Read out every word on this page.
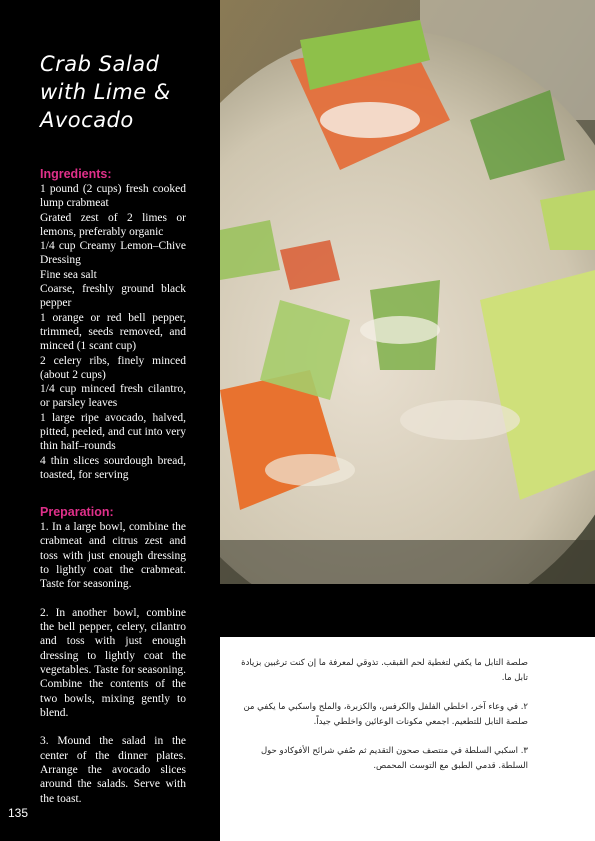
Crab Salad
with Lime &
Avocado
Ingredients:
1 pound (2 cups) fresh cooked lump crabmeat
Grated zest of 2 limes or lemons, preferably organic
1/4 cup Creamy Lemon–Chive Dressing
Fine sea salt
Coarse, freshly ground black pepper
1 orange or red bell pepper, trimmed, seeds removed, and minced (1 scant cup)
2 celery ribs, finely minced (about 2 cups)
1/4 cup minced fresh cilantro, or parsley leaves
1 large ripe avocado, halved, pitted, peeled, and cut into very thin half–rounds
4 thin slices sourdough bread, toasted, for serving
Preparation:
1. In a large bowl, combine the crabmeat and citrus zest and toss with just enough dressing to lightly coat the crabmeat. Taste for seasoning.
2. In another bowl, combine the bell pepper, celery, cilantro and toss with just enough dressing to lightly coat the vegetables. Taste for seasoning. Combine the contents of the two bowls, mixing gently to blend.
3. Mound the salad in the center of the dinner plates. Arrange the avocado slices around the salads. Serve with the toast.
135
صلصة التابل ما يكفي لتغطية لحم القبقب. تذوقي لمعرفة ما إن كنت ترغبين بزيادة تابل ما.
٢. في وعاء آخر، اخلطي الفلفل والكرفس، والكزبرة، والملح واسكبي ما يكفي من صلصة التابل للتطعيم. اجمعي مكونات الوعائين واخلطي جيداً.
٣. اسكبي السلطة في منتصف صحون التقديم ثم صُفي شرائح الأفوكادو حول السلطة. قدمي الطبق مع التوست المحمص.
